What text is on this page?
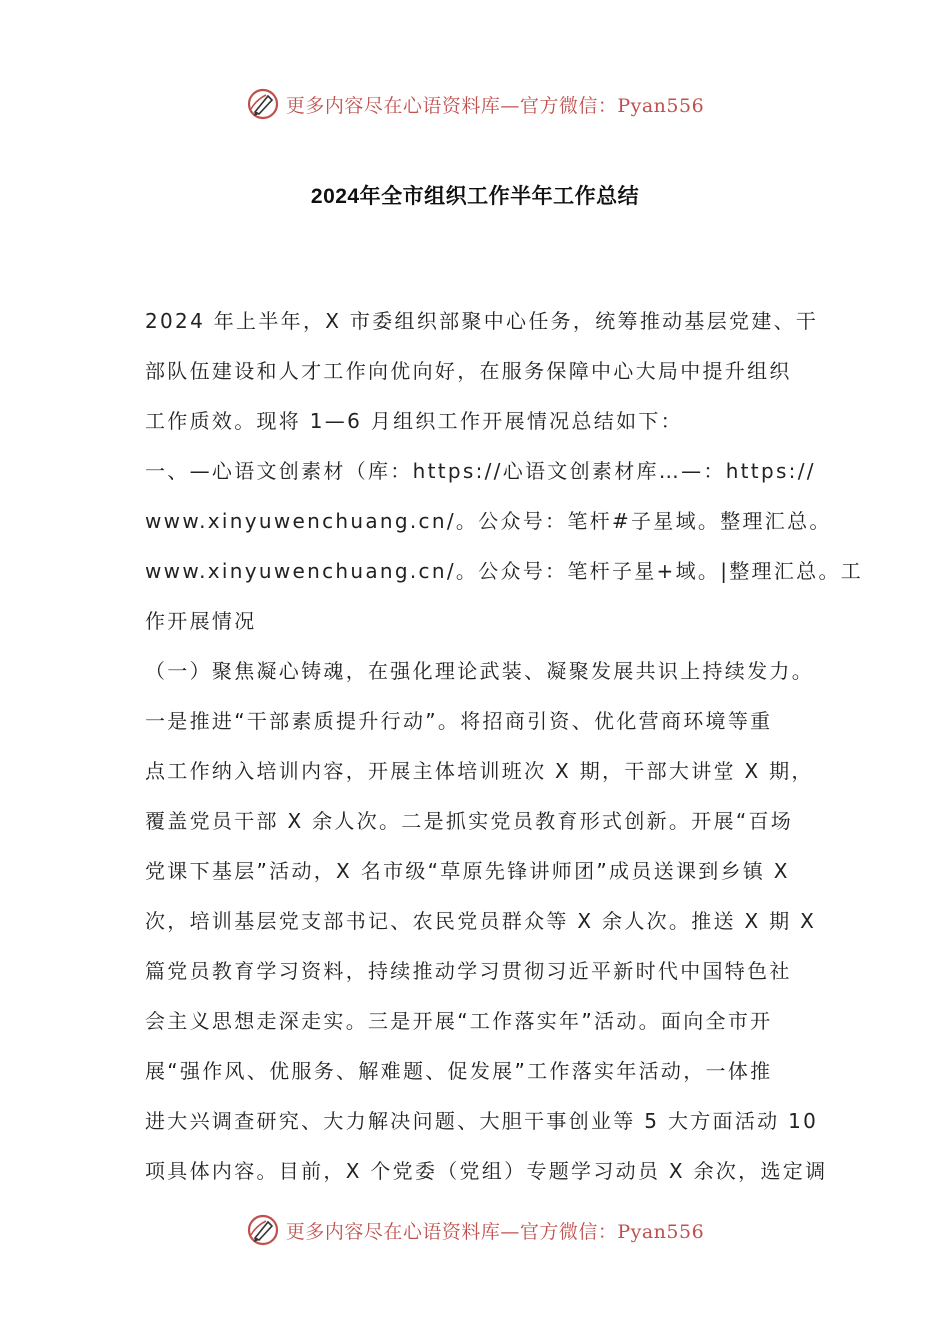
更多内容尽在心语资料库—官方微信：Pyan556
2024年全市组织工作半年工作总结
2024 年上半年，X 市委组织部聚中心任务，统筹推动基层党建、干
部队伍建设和人才工作向优向好，在服务保障中心大局中提升组织
工作质效。现将 1—6 月组织工作开展情况总结如下：
一、—心语文创素材（库：https://心语文创素材库…—：https://
www.xinyuwenchuang.cn/。公众号：笔杆#子星域。整理汇总。
www.xinyuwenchuang.cn/。公众号：笔杆子星+域。|整理汇总。工
作开展情况
（一）聚焦凝心铸魂，在强化理论武装、凝聚发展共识上持续发力。
一是推进“干部素质提升行动”。将招商引资、优化营商环境等重
点工作纳入培训内容，开展主体培训班次 X 期，干部大讲堂 X 期，
覆盖党员干部 X 余人次。二是抓实党员教育形式创新。开展“百场
党课下基层”活动，X 名市级“草原先锋讲师团”成员送课到乡镇 X
次，培训基层党支部书记、农民党员群众等 X 余人次。推送 X 期 X
篇党员教育学习资料，持续推动学习贯彻习近平新时代中国特色社
会主义思想走深走实。三是开展“工作落实年”活动。面向全市开
展“强作风、优服务、解难题、促发展”工作落实年活动，一体推
进大兴调查研究、大力解决问题、大胆干事创业等 5 大方面活动 10
项具体内容。目前，X 个党委（党组）专题学习动员 X 余次，选定调
更多内容尽在心语资料库—官方微信：Pyan556
